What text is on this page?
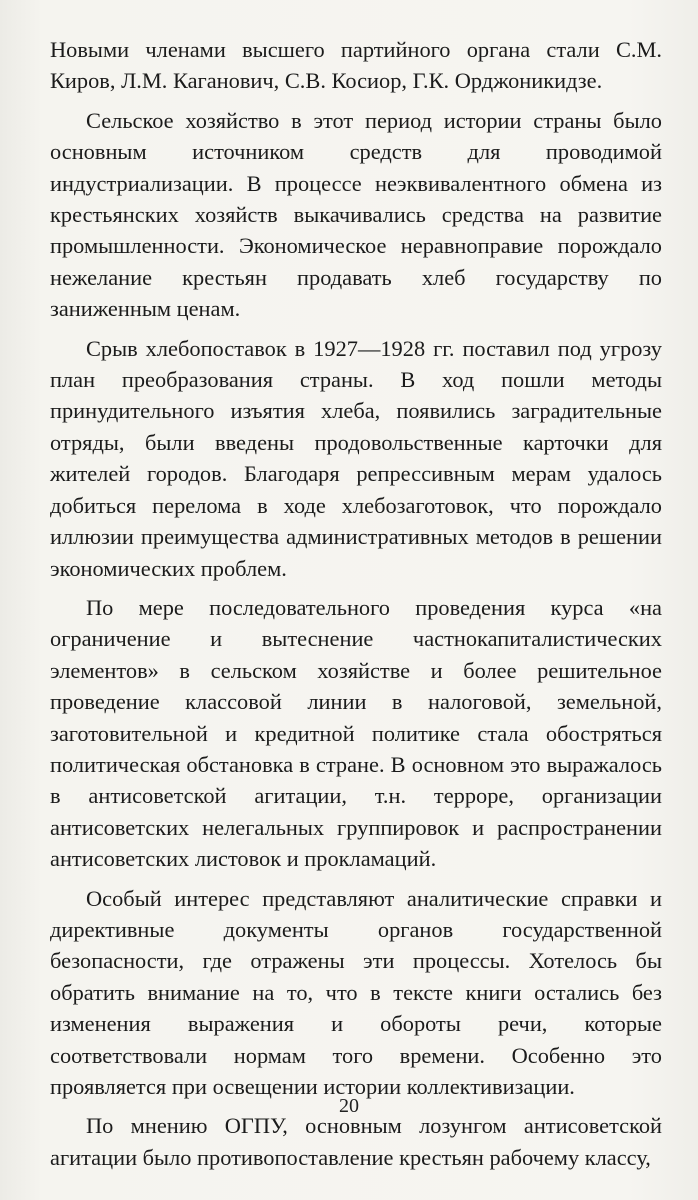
Новыми членами высшего партийного органа стали С.М. Киров, Л.М. Каганович, С.В. Косиор, Г.К. Орджоникидзе.

Сельское хозяйство в этот период истории страны было основным источником средств для проводимой индустриализации. В процессе неэквивалентного обмена из крестьянских хозяйств выкачивались средства на развитие промышленности. Экономическое неравноправие порождало нежелание крестьян продавать хлеб государству по заниженным ценам.

Срыв хлебопоставок в 1927—1928 гг. поставил под угрозу план преобразования страны. В ход пошли методы принудительного изъятия хлеба, появились заградительные отряды, были введены продовольственные карточки для жителей городов. Благодаря репрессивным мерам удалось добиться перелома в ходе хлебозаготовок, что порождало иллюзии преимущества административных методов в решении экономических проблем.

По мере последовательного проведения курса «на ограничение и вытеснение частнокапиталистических элементов» в сельском хозяйстве и более решительное проведение классовой линии в налоговой, земельной, заготовительной и кредитной политике стала обостряться политическая обстановка в стране. В основном это выражалось в антисоветской агитации, т.н. терроре, организации антисоветских нелегальных группировок и распространении антисоветских листовок и прокламаций.

Особый интерес представляют аналитические справки и директивные документы органов государственной безопасности, где отражены эти процессы. Хотелось бы обратить внимание на то, что в тексте книги остались без изменения выражения и обороты речи, которые соответствовали нормам того времени. Особенно это проявляется при освещении истории коллективизации.

По мнению ОГПУ, основным лозунгом антисоветской агитации было противопоставление крестьян рабочему классу,

20
